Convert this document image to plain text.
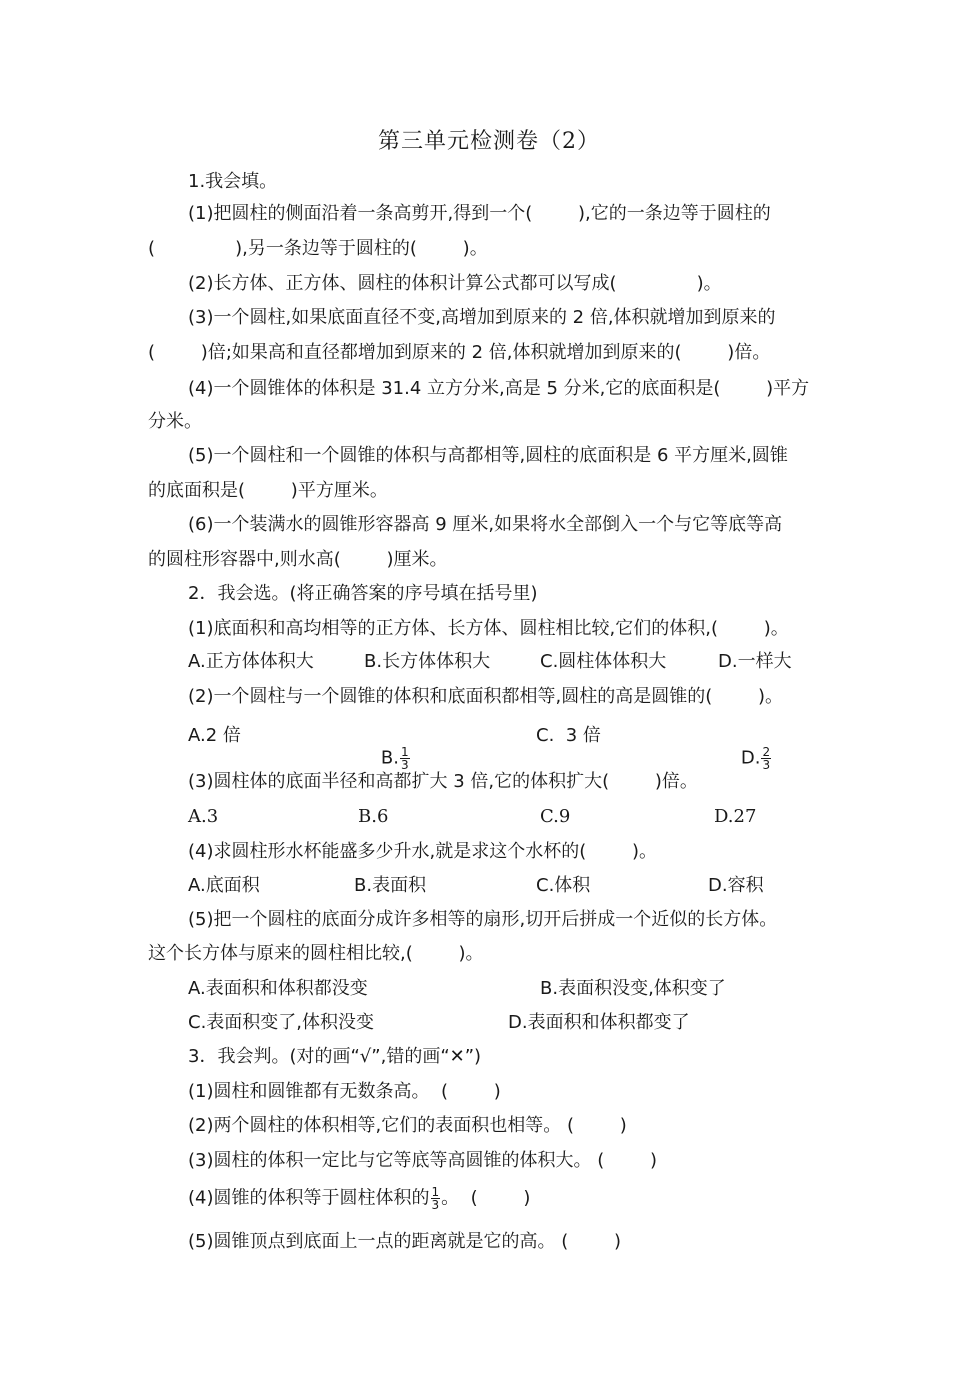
第三单元检测卷（2）
1.我会填。
(1)把圆柱的侧面沿着一条高剪开,得到一个(        ),它的一条边等于圆柱的
(              ),另一条边等于圆柱的(        )。
(2)长方体、正方体、圆柱的体积计算公式都可以写成(              )。
(3)一个圆柱,如果底面直径不变,高增加到原来的 2 倍,体积就增加到原来的
(        )倍;如果高和直径都增加到原来的 2 倍,体积就增加到原来的(        )倍。
(4)一个圆锥体的体积是 31.4 立方分米,高是 5 分米,它的底面积是(        )平方
分米。
(5)一个圆柱和一个圆锥的体积与高都相等,圆柱的底面积是 6 平方厘米,圆锥
的底面积是(        )平方厘米。
(6)一个装满水的圆锥形容器高 9 厘米,如果将水全部倒入一个与它等底等高
的圆柱形容器中,则水高(        )厘米。
2．我会选。(将正确答案的序号填在括号里)
(1)底面积和高均相等的正方体、长方体、圆柱相比较,它们的体积,(        )。
A.正方体体积大	B.长方体体积大	C.圆柱体体积大	D.一样大
(2)一个圆柱与一个圆锥的体积和底面积都相等,圆柱的高是圆锥的(        )。
A.2 倍

B. $\frac{1}{3}$

C.  3 倍

D. $\frac{2}{3}$

(3)圆柱体的底面半径和高都扩大 3 倍,它的体积扩大(        )倍。
A.3	B.6	C.9	D.27
(4)求圆柱形水杯能盛多少升水,就是求这个水杯的(        )。
A.底面积	B.表面积	C.体积	D.容积
(5)把一个圆柱的底面分成许多相等的扇形,切开后拼成一个近似的长方体。
这个长方体与原来的圆柱相比较,(        )。
A.表面积和体积都没变	B.表面积没变,体积变了
C.表面积变了,体积没变	D.表面积和体积都变了
3．我会判。(对的画“√”,错的画“✕”)
(1)圆柱和圆锥都有无数条高。  (        )
(2)两个圆柱的体积相等,它们的表面积也相等。 (        )
(3)圆柱的体积一定比与它等底等高圆锥的体积大。 (        )
(4)圆锥的体积等于圆柱体积的 $\frac{1}{3}$ 。  (        )
(5)圆锥顶点到底面上一点的距离就是它的高。 (        )
